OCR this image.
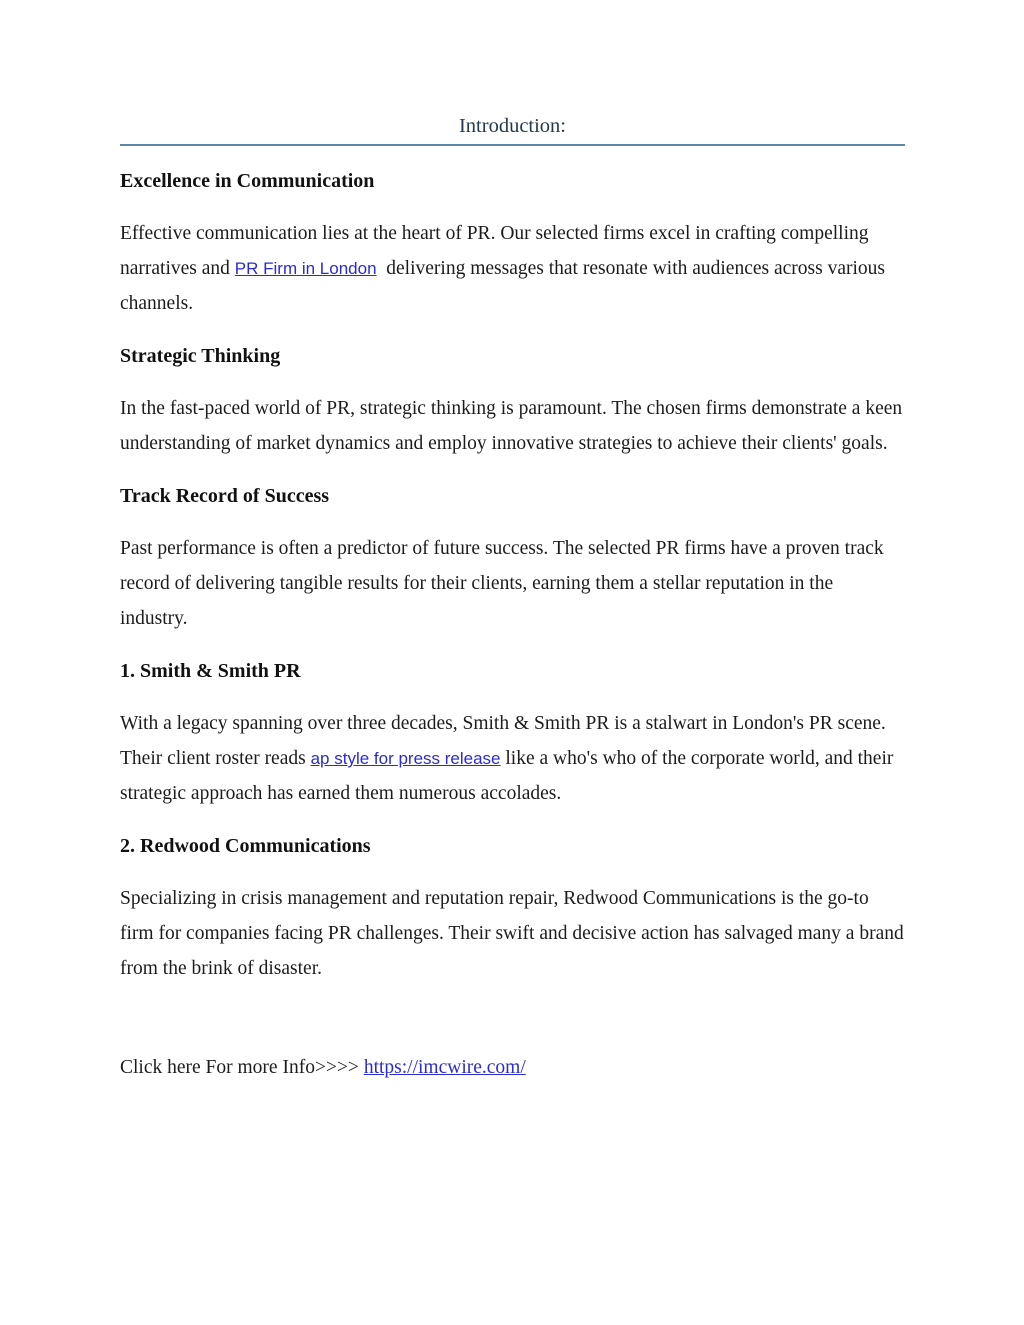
Introduction:
Excellence in Communication

Effective communication lies at the heart of PR. Our selected firms excel in crafting compelling narratives and PR Firm in London  delivering messages that resonate with audiences across various channels.

Strategic Thinking

In the fast-paced world of PR, strategic thinking is paramount. The chosen firms demonstrate a keen understanding of market dynamics and employ innovative strategies to achieve their clients' goals.

Track Record of Success

Past performance is often a predictor of future success. The selected PR firms have a proven track record of delivering tangible results for their clients, earning them a stellar reputation in the industry.

1. Smith & Smith PR

With a legacy spanning over three decades, Smith & Smith PR is a stalwart in London's PR scene. Their client roster reads ap style for press release like a who's who of the corporate world, and their strategic approach has earned them numerous accolades.

2. Redwood Communications

Specializing in crisis management and reputation repair, Redwood Communications is the go-to firm for companies facing PR challenges. Their swift and decisive action has salvaged many a brand from the brink of disaster.

Click here For more Info>>>> https://imcwire.com/
